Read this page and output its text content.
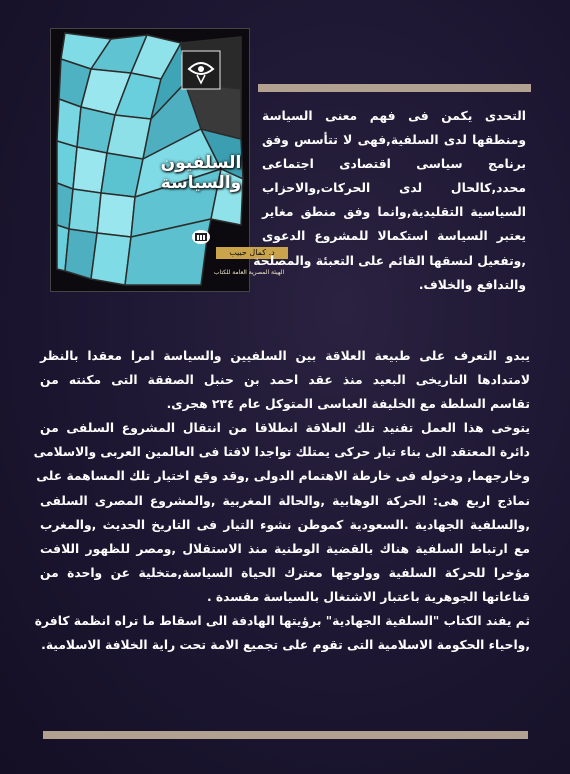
السلفيون والسياسة
د. كمال حبيب
الهيئة المصرية العامة للكتاب
التحدى يكمن فى فهم معنى السياسة
ومنطقها لدى السلفية,فهى لا تتأسس وفق
برنامج سياسى اقتصادى اجتماعى
محدد,كالحال لدى الحركات,والاحزاب
السياسية التقليدية,وانما وفق منطق مغاير
يعتبر السياسة استكمالا للمشروع الدعوى
,وتفعيل لنسقها القائم على التعبئة والمصلحة
والتدافع والخلاف.
يبدو التعرف على طبيعة العلاقة بين السلفيين والسياسة امرا معقدا بالنظر
لامتدادها التاريخى البعيد منذ عقد احمد بن حنبل الصفقة التى مكنته من
تقاسم السلطة مع الخليفة العباسى المتوكل عام ٢٣٤ هجرى.
يتوخى هذا العمل تفنيد تلك العلاقة انطلاقا من انتقال المشروع السلفى من
دائرة المعتقد الى بناء تيار حركى يمتلك تواجدا لافتا فى العالمين العربى والاسلامى
وخارجهما, ودخوله فى خارطة الاهتمام الدولى ,وقد وقع اختيار تلك المساهمة على
نماذج اربع هى: الحركة الوهابية ,والحالة المغربية ,والمشروع المصرى السلفى
,والسلفية الجهادية .السعودية كموطن نشوء التيار فى التاريخ الحديث ,والمغرب
مع ارتباط السلفية هناك بالقضية الوطنية منذ الاستقلال ,ومصر للظهور اللافت
مؤخرا للحركة السلفية وولوجها معترك الحياة السياسة,متخلية عن واحدة من
قناعاتها الجوهرية باعتبار الاشتغال بالسياسة مفسدة .
ثم يفند الكتاب "السلفية الجهادية" برؤيتها الهادفة الى اسقاط ما تراه انظمة كافرة
,واحياء الحكومة الاسلامية التى تقوم على تجميع الامة تحت راية الخلافة الاسلامية.
